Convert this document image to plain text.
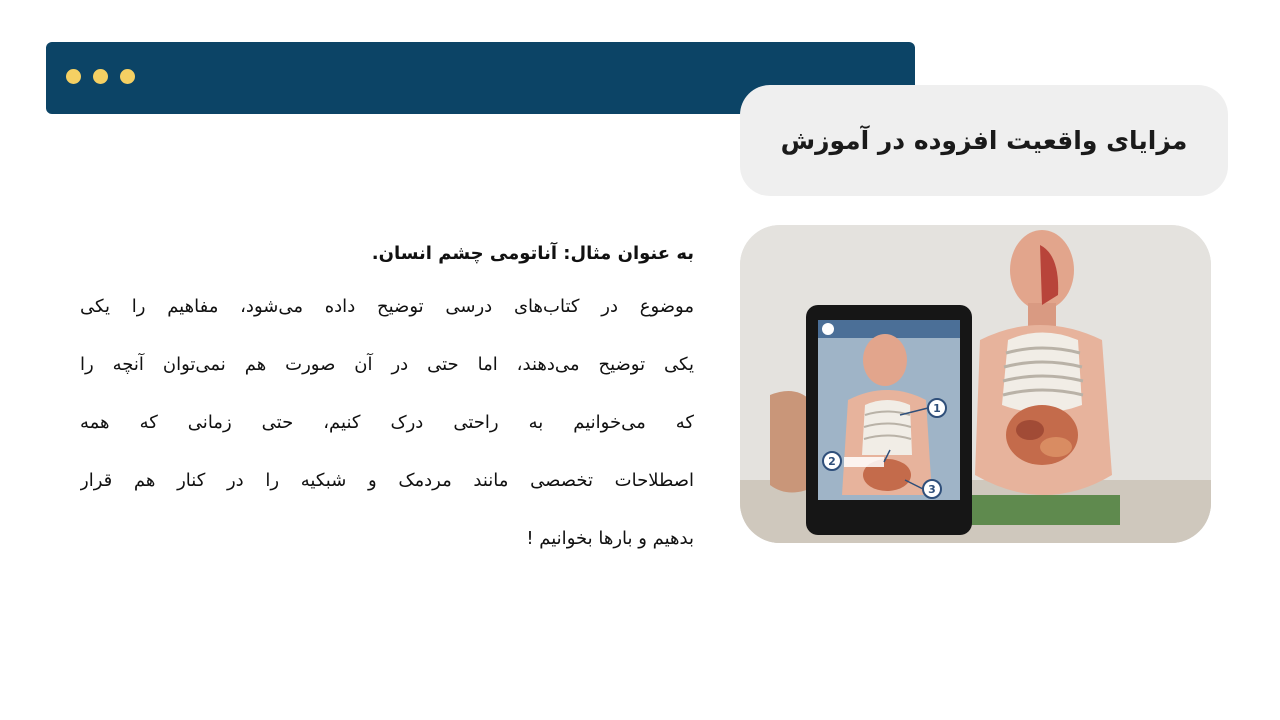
مزایای واقعیت افزوده در آموزش

به عنوان مثال: آناتومی چشم انسان.

موضوع در کتاب‌های درسی توضیح داده می‌شود، مفاهیم را یکی

یکی توضیح می‌دهند، اما حتی در آن صورت هم نمی‌توان آنچه را

که می‌خوانیم به راحتی درک کنیم، حتی زمانی که همه

اصطلاحات تخصصی مانند مردمک و شبکیه را در کنار هم قرار

بدهیم و بارها بخوانیم !

1
2
3
